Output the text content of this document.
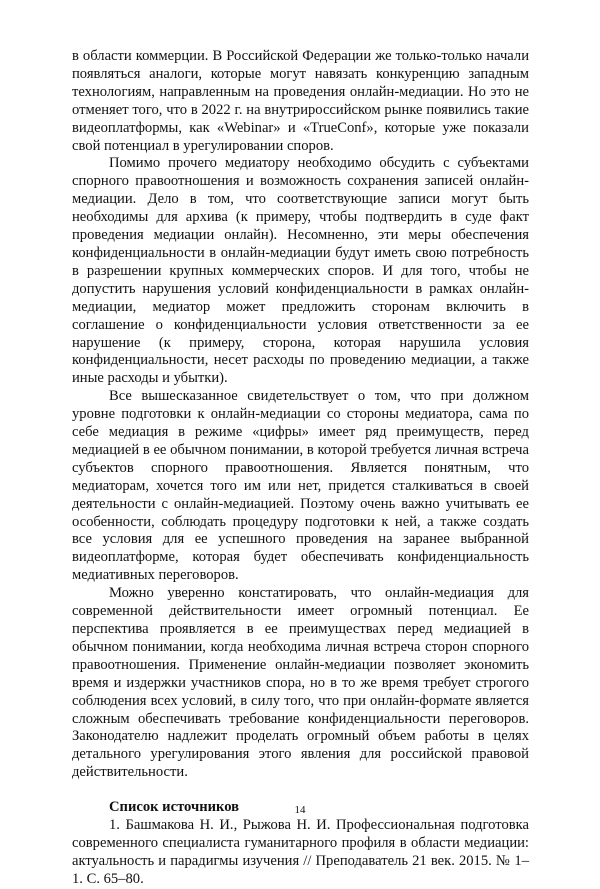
в области коммерции. В Российской Федерации же только-только начали появляться аналоги, которые могут навязать конкуренцию западным технологиям, направленным на проведения онлайн-медиации. Но это не отменяет того, что в 2022 г. на внутрироссийском рынке появились такие видеоплатформы, как «Webinar» и «TrueConf», которые уже показали свой потенциал в урегулировании споров.

Помимо прочего медиатору необходимо обсудить с субъектами спорного правоотношения и возможность сохранения записей онлайн-медиации. Дело в том, что соответствующие записи могут быть необходимы для архива (к примеру, чтобы подтвердить в суде факт проведения медиации онлайн). Несомненно, эти меры обеспечения конфиденциальности в онлайн-медиации будут иметь свою потребность в разрешении крупных коммерческих споров. И для того, чтобы не допустить нарушения условий конфиденциальности в рамках онлайн-медиации, медиатор может предложить сторонам включить в соглашение о конфиденциальности условия ответственности за ее нарушение (к примеру, сторона, которая нарушила условия конфиденциальности, несет расходы по проведению медиации, а также иные расходы и убытки).

Все вышесказанное свидетельствует о том, что при должном уровне подготовки к онлайн-медиации со стороны медиатора, сама по себе медиация в режиме «цифры» имеет ряд преимуществ, перед медиацией в ее обычном понимании, в которой требуется личная встреча субъектов спорного правоотношения. Является понятным, что медиаторам, хочется того им или нет, придется сталкиваться в своей деятельности с онлайн-медиацией. Поэтому очень важно учитывать ее особенности, соблюдать процедуру подготовки к ней, а также создать все условия для ее успешного проведения на заранее выбранной видеоплатформе, которая будет обеспечивать конфиденциальность медиативных переговоров.

Можно уверенно констатировать, что онлайн-медиация для современной действительности имеет огромный потенциал. Ее перспектива проявляется в ее преимуществах перед медиацией в обычном понимании, когда необходима личная встреча сторон спорного правоотношения. Применение онлайн-медиации позволяет экономить время и издержки участников спора, но в то же время требует строгого соблюдения всех условий, в силу того, что при онлайн-формате является сложным обеспечивать требование конфиденциальности переговоров. Законодателю надлежит проделать огромный объем работы в целях детального урегулирования этого явления для российской правовой действительности.

Список источников

1. Башмакова Н. И., Рыжова Н. И. Профессиональная подготовка современного специалиста гуманитарного профиля в области медиации: актуальность и парадигмы изучения // Преподаватель 21 век. 2015. № 1–1. С. 65–80.

14
